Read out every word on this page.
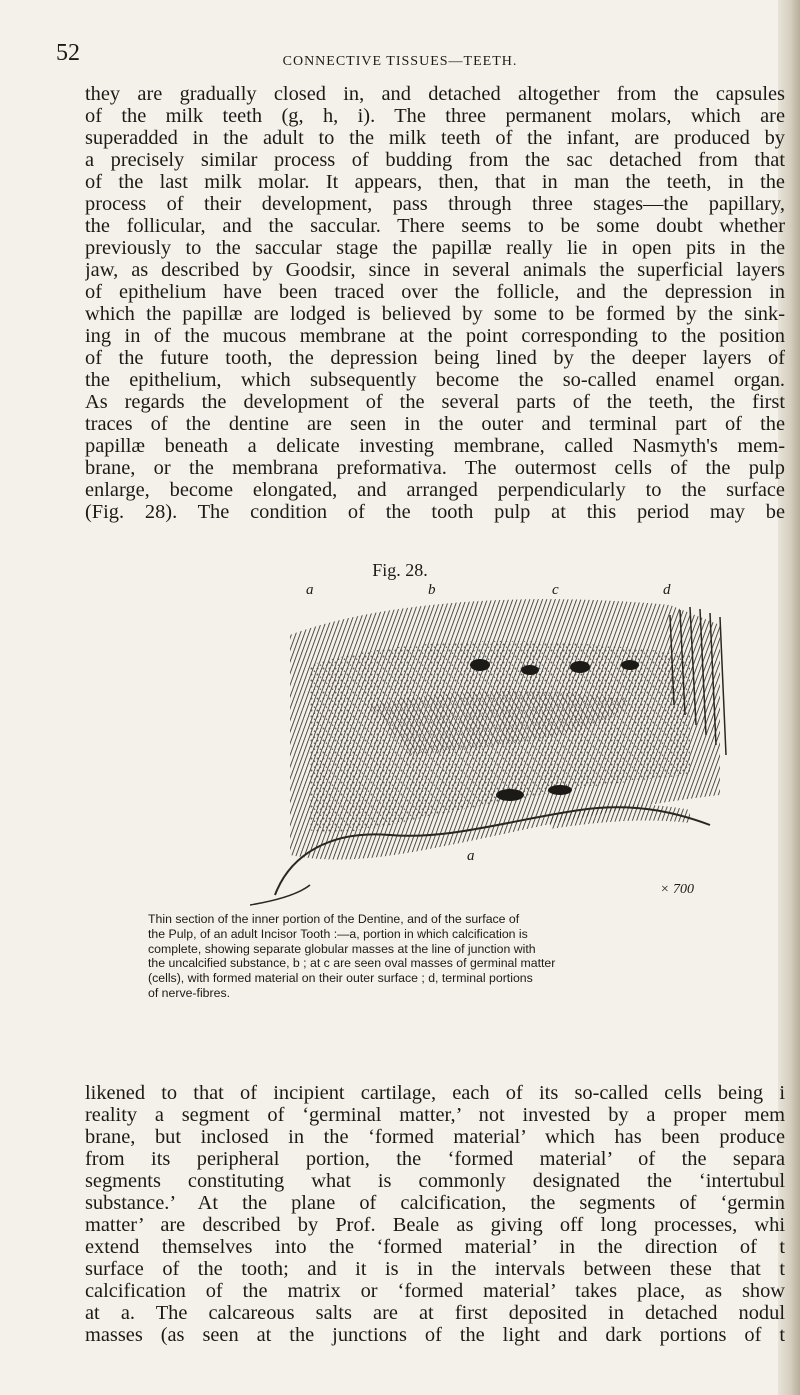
52	CONNECTIVE TISSUES—TEETH.
they are gradually closed in, and detached altogether from the capsules
of the milk teeth (g, h, i). The three permanent molars, which are
superadded in the adult to the milk teeth of the infant, are produced by
a precisely similar process of budding from the sac detached from that
of the last milk molar. It appears, then, that in man the teeth, in the
process of their development, pass through three stages—the papillary,
the follicular, and the saccular. There seems to be some doubt whether
previously to the saccular stage the papillæ really lie in open pits in the
jaw, as described by Goodsir, since in several animals the superficial layers
of epithelium have been traced over the follicle, and the depression in
which the papillæ are lodged is believed by some to be formed by the sink-
ing in of the mucous membrane at the point corresponding to the position
of the future tooth, the depression being lined by the deeper layers of
the epithelium, which subsequently become the so-called enamel organ.
As regards the development of the several parts of the teeth, the first
traces of the dentine are seen in the outer and terminal part of the
papillæ beneath a delicate investing membrane, called Nasmyth's mem-
brane, or the membrana preformativa. The outermost cells of the pulp
enlarge, become elongated, and arranged perpendicularly to the surface
(Fig. 28). The condition of the tooth pulp at this period may be
Fig. 28.
a	b	c	d
a
× 700
Thin section of the inner portion of the Dentine, and of the surface of
the Pulp, of an adult Incisor Tooth :—a, portion in which calcification is
complete, showing separate globular masses at the line of junction with
the uncalcified substance, b ; at c are seen oval masses of germinal matter
(cells), with formed material on their outer surface ; d, terminal portions
of nerve-fibres.
likened to that of incipient cartilage, each of its so-called cells being i
reality a segment of ‘germinal matter,’ not invested by a proper mem
brane, but inclosed in the ‘formed material’ which has been produce
from its peripheral portion, the ‘formed material’ of the separa
segments constituting what is commonly designated the ‘intertubul
substance.’ At the plane of calcification, the segments of ‘germin
matter’ are described by Prof. Beale as giving off long processes, whi
extend themselves into the ‘formed material’ in the direction of t
surface of the tooth; and it is in the intervals between these that t
calcification of the matrix or ‘formed material’ takes place, as show
at a. The calcareous salts are at first deposited in detached nodul
masses (as seen at the junctions of the light and dark portions of t
